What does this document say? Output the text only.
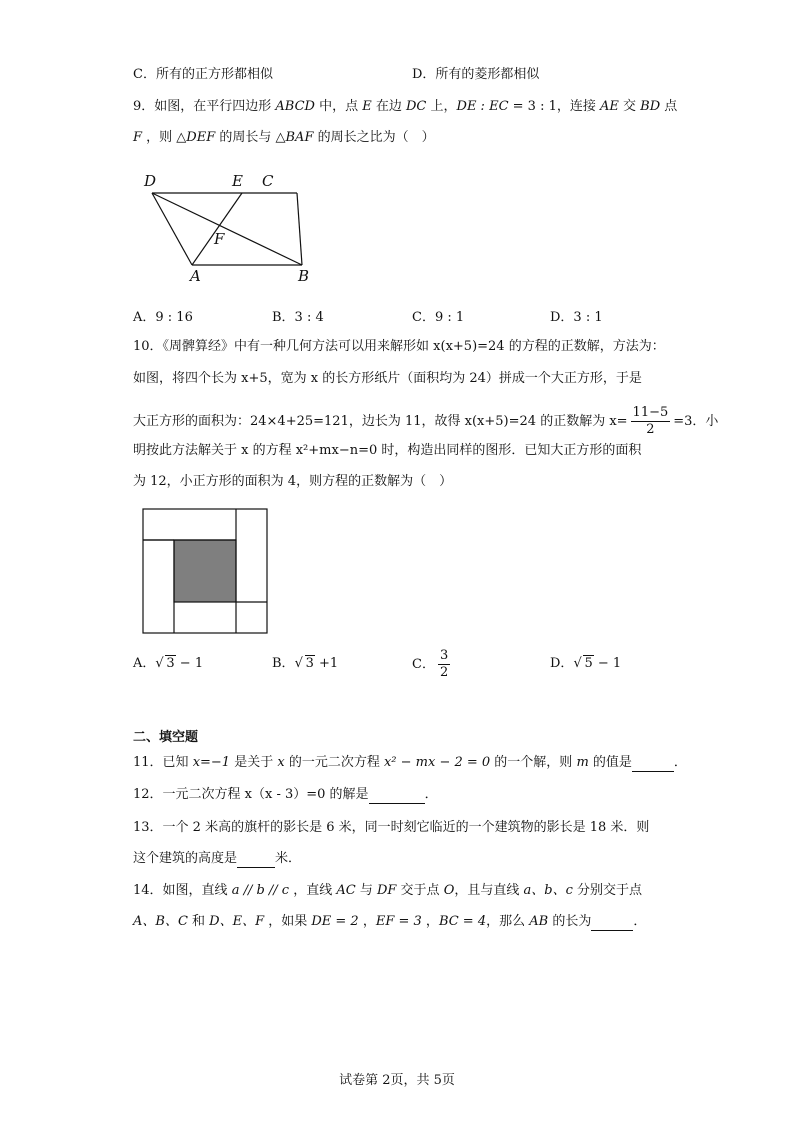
C．所有的正方形都相似	D．所有的菱形都相似
9．如图，在平行四边形 ABCD 中，点 E 在边 DC 上，DE : EC = 3 : 1，连接 AE 交 BD 点
F ，则 △DEF 的周长与 △BAF 的周长之比为（　）
D	E C
F
A	B
A．9 : 16	B．3 : 4	C．9 : 1	D．3 : 1
10．《周髀算经》中有一种几何方法可以用来解形如 x(x+5)=24 的方程的正数解，方法为：
如图，将四个长为 x+5，宽为 x 的长方形纸片（面积均为 24）拼成一个大正方形，于是
大正方形的面积为：24×4+25=121，边长为 11，故得 x(x+5)=24 的正数解为 $x= \frac{11-5}{2} =3$．小
明按此方法解关于 x 的方程 x²+mx−n=0 时，构造出同样的图形．已知大正方形的面积
为 12，小正方形的面积为 4，则方程的正数解为（　）
A． √ 3 − 1	B． √ 3 +1	C． $\frac{3}{2}$	D． √ 5 − 1
二、填空题
11．已知 x=−1 是关于 x 的一元二次方程 x² − mx − 2 = 0 的一个解，则 m 的值是	．
12．一元二次方程 x（x - 3）=0 的解是	．
13．一个 2 米高的旗杆的影长是 6 米，同一时刻它临近的一个建筑物的影长是 18 米．则
这个建筑的高度是	米．
14．如图，直线 a // b // c ，直线 AC 与 DF 交于点 O，且与直线 a、b、c 分别交于点
A、B、C 和 D、E、F ，如果 DE = 2 ，EF = 3 ，BC = 4，那么 AB 的长为	．
试卷第 2页，共 5页
